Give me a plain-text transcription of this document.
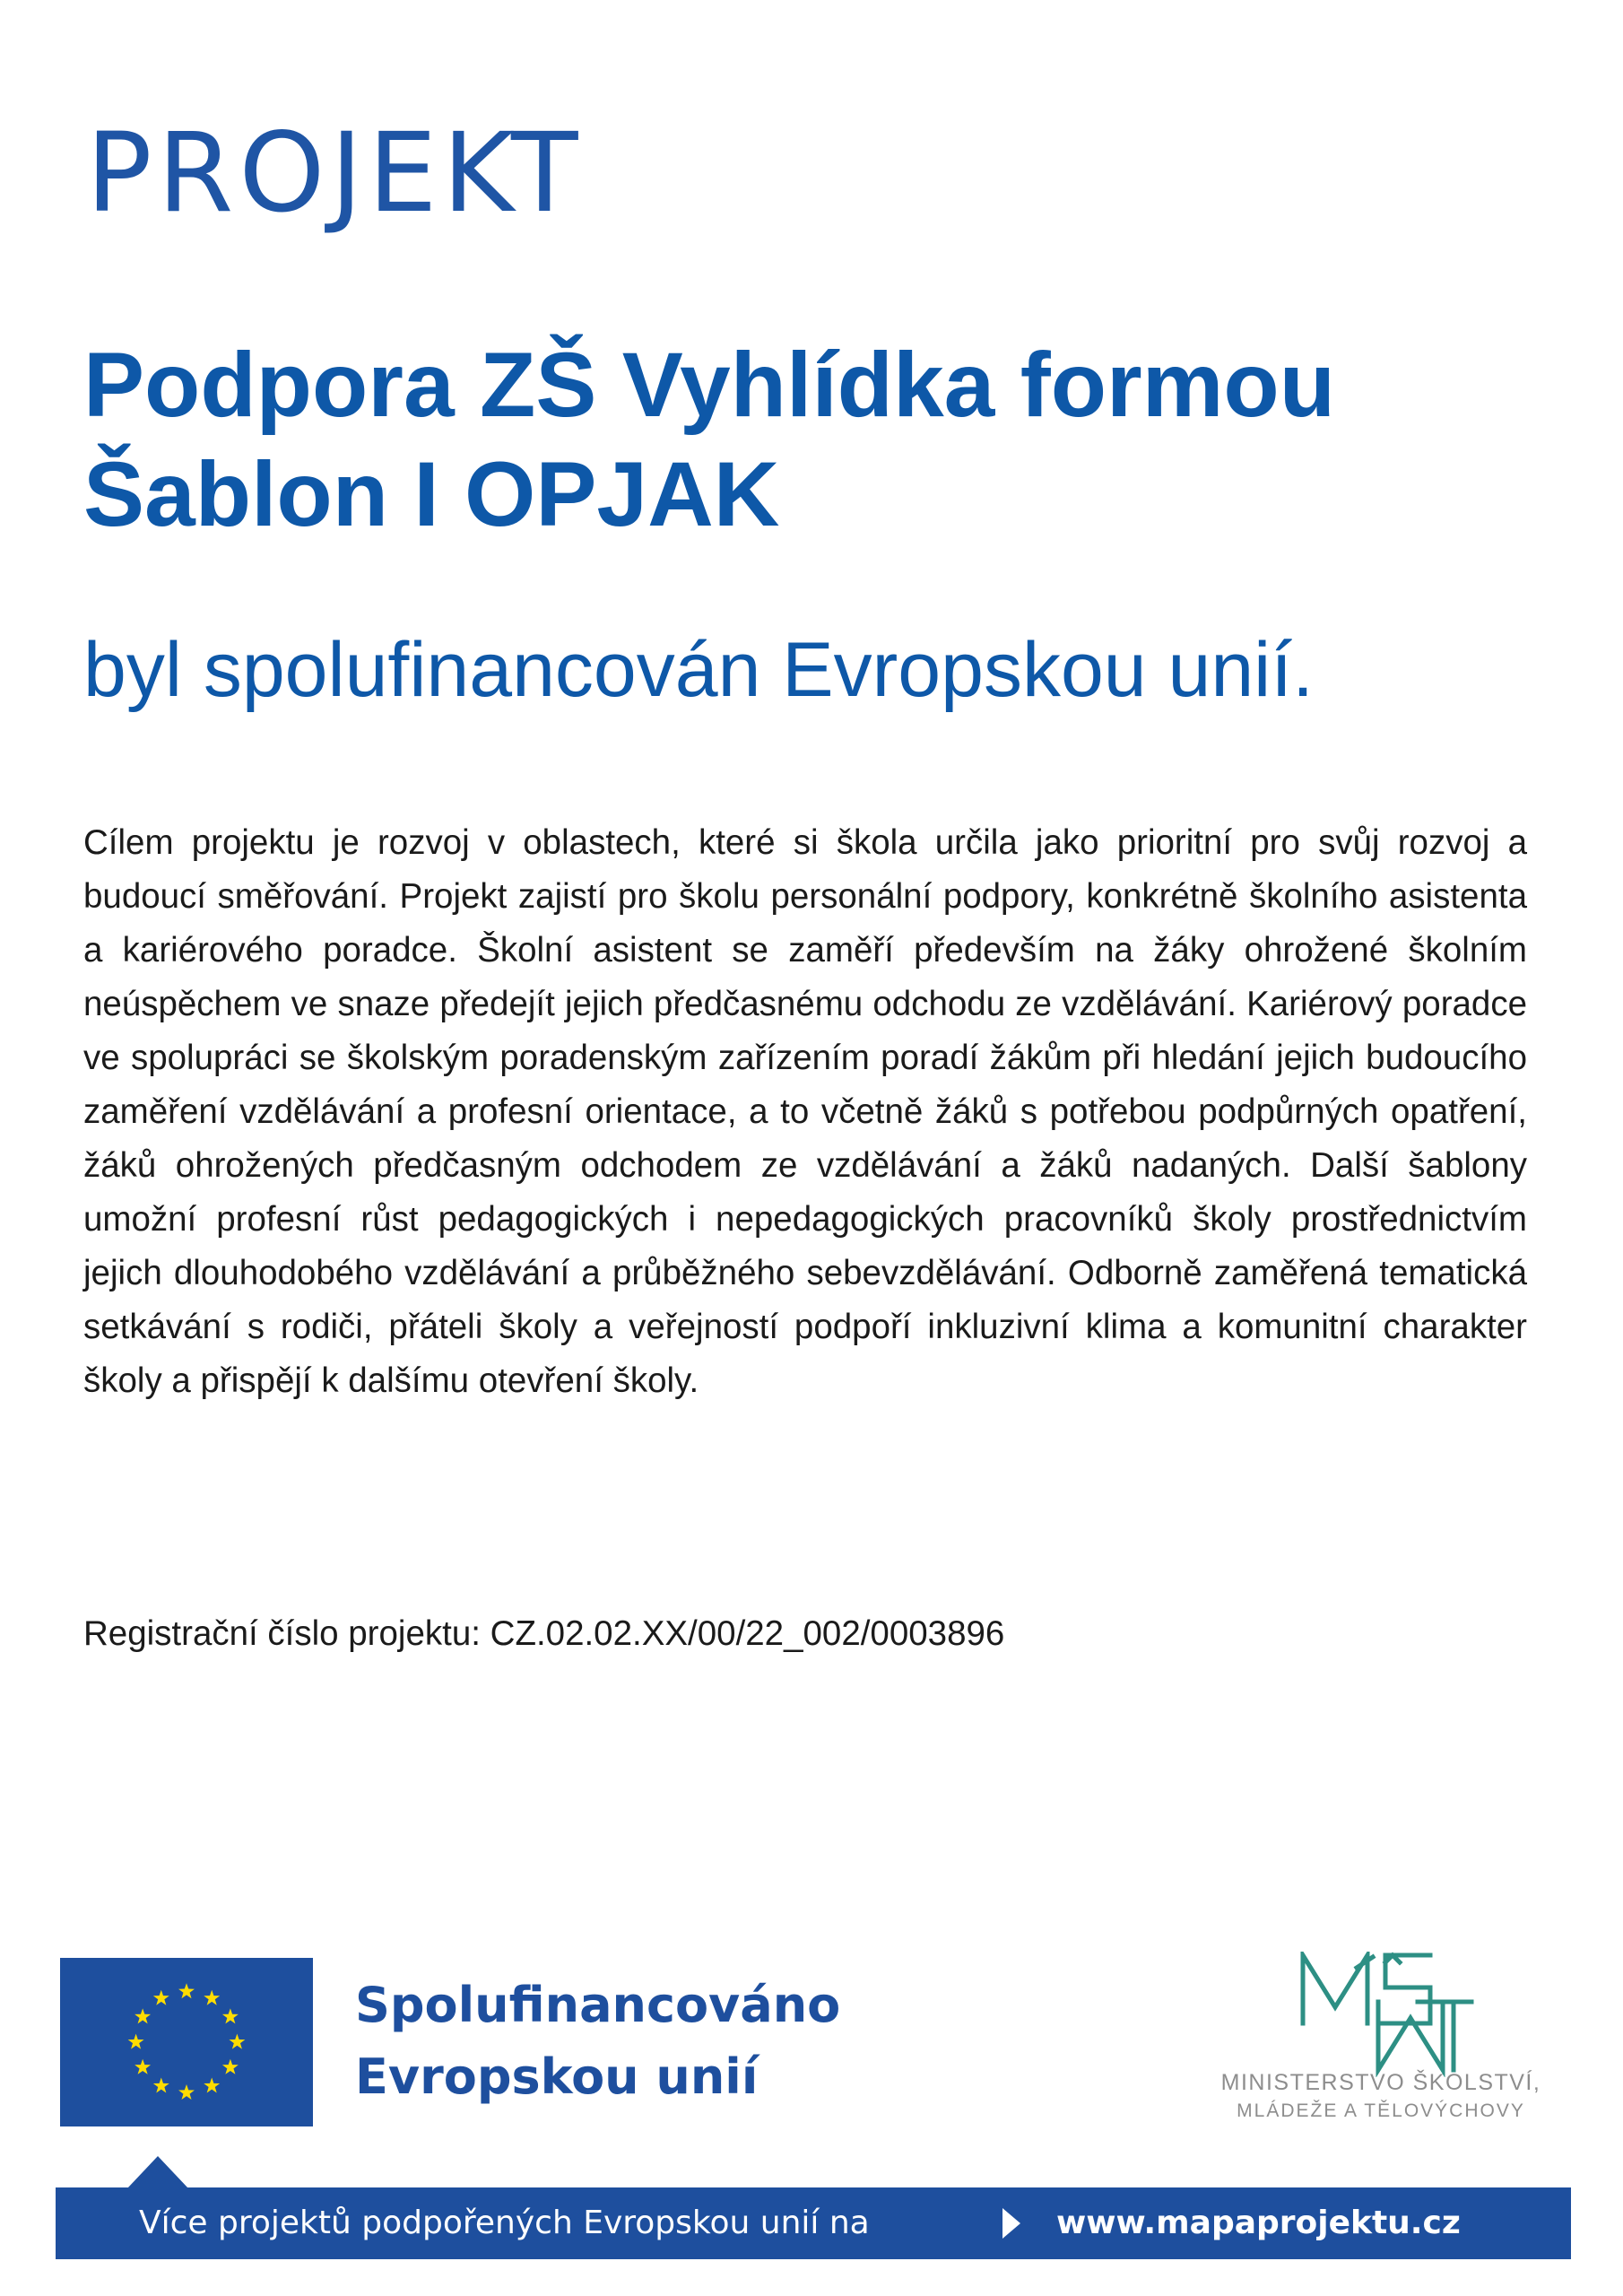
PROJEKT
Podpora ZŠ Vyhlídka formou Šablon I OPJAK
byl spolufinancován Evropskou unií.

Cílem projektu je rozvoj v oblastech, které si škola určila jako prioritní pro svůj rozvoj a budoucí směřování. Projekt zajistí pro školu personální podpory, konkrétně školního asistenta a kariérového poradce. Školní asistent se zaměří především na žáky ohrožené školním neúspěchem ve snaze předejít jejich předčasnému odchodu ze vzdělávání. Kariérový poradce ve spolupráci se školským poradenským zařízením poradí žákům při hledání jejich budoucího zaměření vzdělávání a profesní orientace, a to včetně žáků s potřebou podpůrných opatření, žáků ohrožených předčasným odchodem ze vzdělávání a žáků nadaných. Další šablony umožní profesní růst pedagogických i nepedagogických pracovníků školy prostřednictvím jejich dlouhodobého vzdělávání a průběžného sebevzdělávání. Odborně zaměřená tematická setkávání s rodiči, přáteli školy a veřejností podpoří inkluzivní klima a komunitní charakter školy a přispějí k dalšímu otevření školy.

Registrační číslo projektu: CZ.02.02.XX/00/22_002/0003896
Spolufinancováno
Evropskou unií	MINISTERSTVO ŠKOLSTVÍ,
MLÁDEŽE A TĚLOVÝCHOVY
Více projektů podpořených Evropskou unií na	www.mapaprojektu.cz
